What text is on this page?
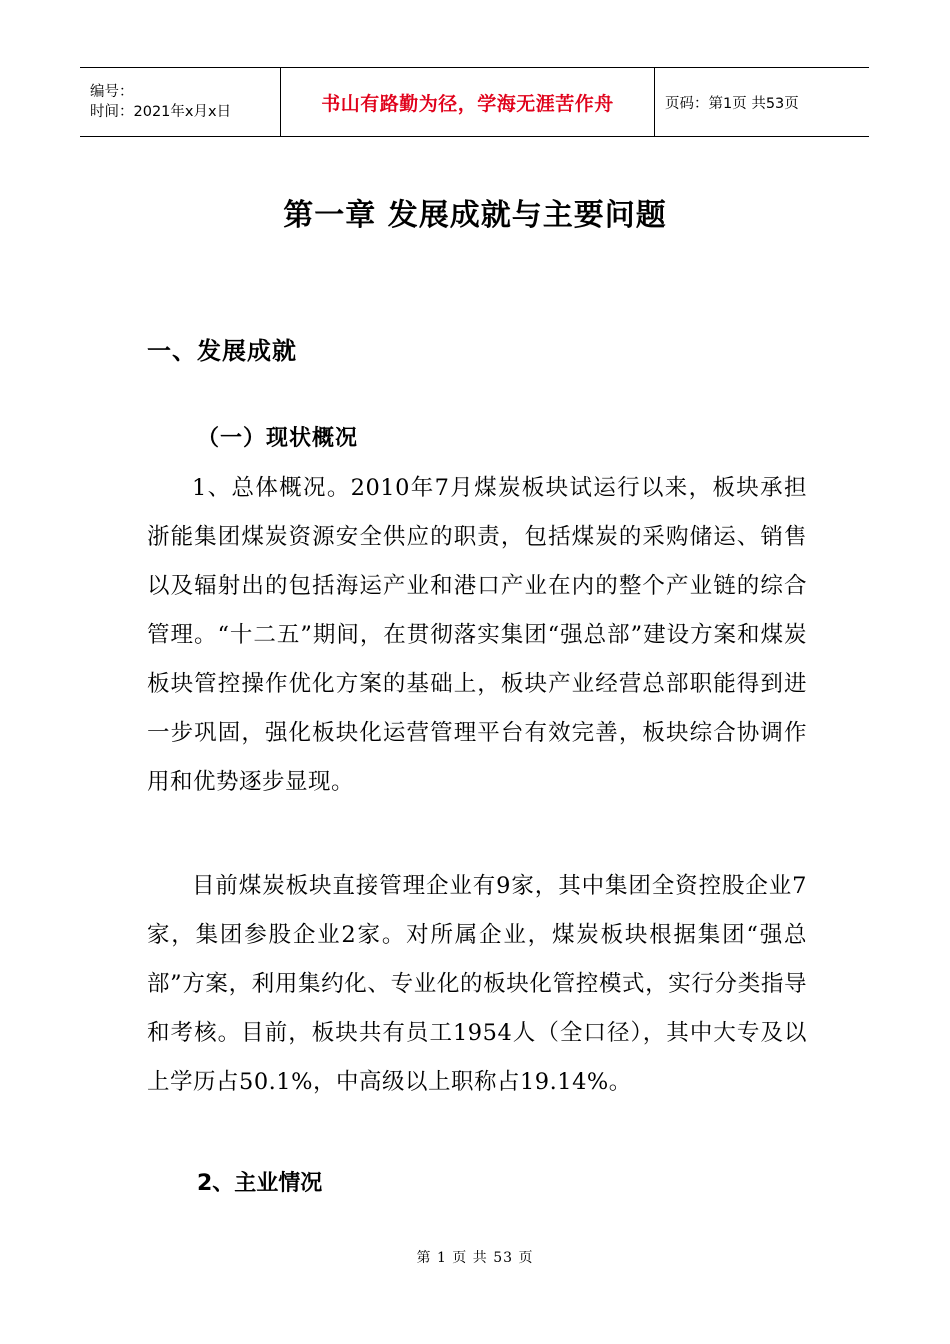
编号：
时间：2021年x月x日	书山有路勤为径，学海无涯苦作舟	页码：第1页 共53页
第一章 发展成就与主要问题
一、发展成就
（一）现状概况
1、总体概况。2010年7月煤炭板块试运行以来，板块承担浙能集团煤炭资源安全供应的职责，包括煤炭的采购储运、销售以及辐射出的包括海运产业和港口产业在内的整个产业链的综合管理。“十二五”期间，在贯彻落实集团“强总部”建设方案和煤炭板块管控操作优化方案的基础上，板块产业经营总部职能得到进一步巩固，强化板块化运营管理平台有效完善，板块综合协调作用和优势逐步显现。
目前煤炭板块直接管理企业有9家，其中集团全资控股企业7家，集团参股企业2家。对所属企业，煤炭板块根据集团“强总部”方案，利用集约化、专业化的板块化管控模式，实行分类指导和考核。目前，板块共有员工1954人（全口径），其中大专及以上学历占50.1%，中高级以上职称占19.14%。
2、主业情况
第 1 页 共 53 页
